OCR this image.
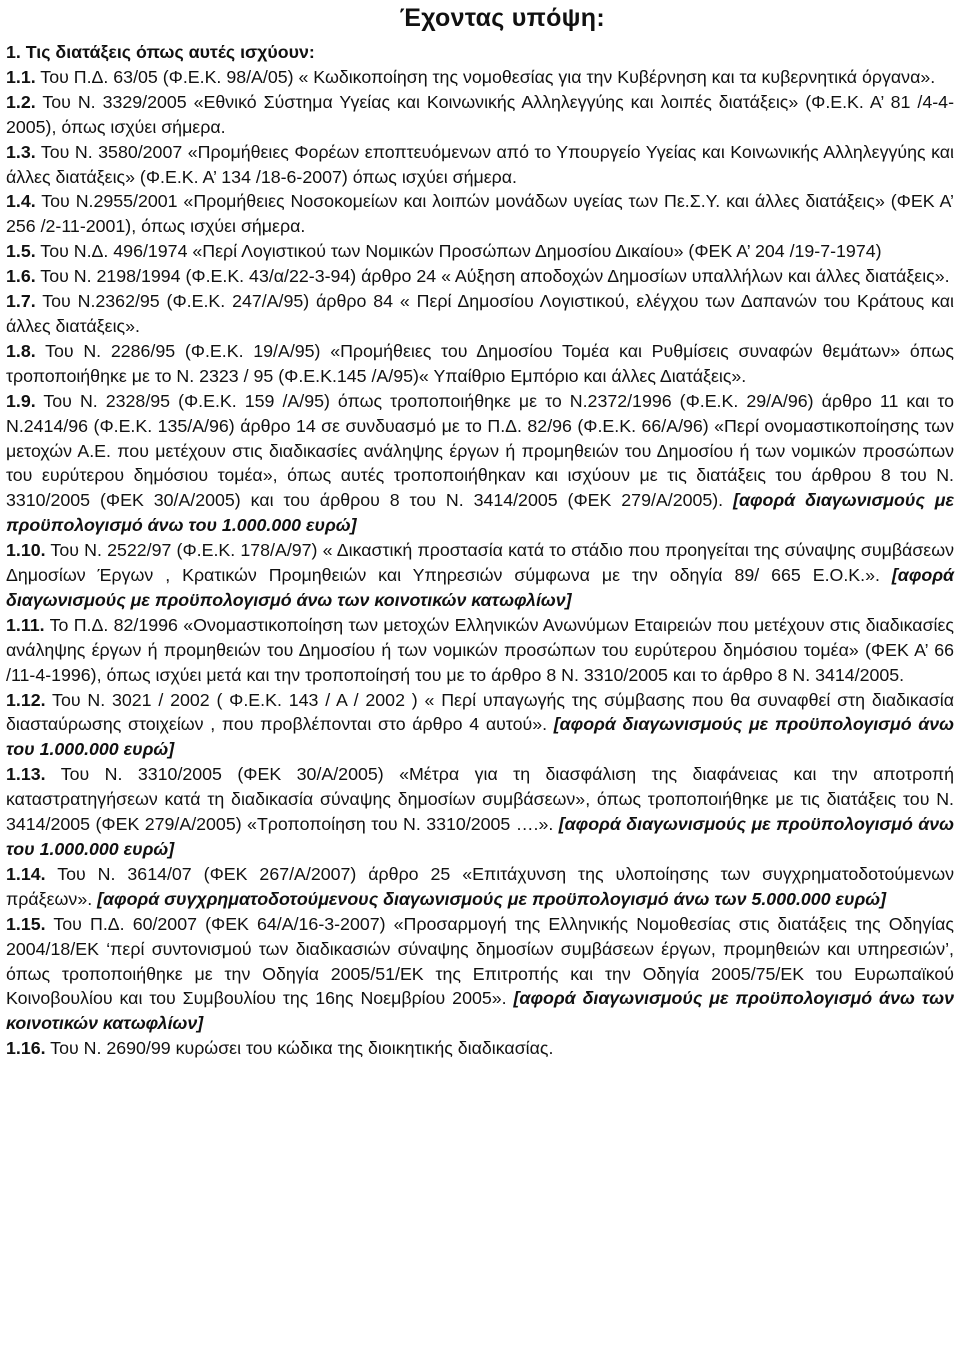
Έχοντας υπόψη:

1. Τις διατάξεις όπως αυτές ισχύουν:

1.1. Του Π.Δ. 63/05 (Φ.Ε.Κ. 98/Α/05) « Κωδικοποίηση της νομοθεσίας για την Κυβέρνηση και τα κυβερνητικά όργανα».

1.2. Του Ν. 3329/2005 «Εθνικό Σύστημα Υγείας και Κοινωνικής Αλληλεγγύης και λοιπές διατάξεις» (Φ.Ε.Κ. Α’ 81 /4-4-2005), όπως ισχύει σήμερα.

1.3. Του Ν. 3580/2007 «Προμήθειες Φορέων εποπτευόμενων από το Υπουργείο Υγείας και Κοινωνικής Αλληλεγγύης και άλλες διατάξεις» (Φ.Ε.Κ. Α’ 134 /18-6-2007) όπως ισχύει σήμερα.

1.4. Του Ν.2955/2001 «Προμήθειες Νοσοκομείων και λοιπών μονάδων υγείας των Πε.Σ.Υ. και άλλες διατάξεις» (ΦΕΚ Α’ 256 /2-11-2001), όπως ισχύει σήμερα.

1.5. Του Ν.Δ. 496/1974 «Περί Λογιστικού των Νομικών Προσώπων Δημοσίου Δικαίου» (ΦΕΚ Α’ 204 /19-7-1974)

1.6. Του Ν. 2198/1994 (Φ.Ε.Κ. 43/α/22-3-94) άρθρο 24 « Αύξηση αποδοχών Δημοσίων υπαλλήλων και άλλες διατάξεις».

1.7. Του Ν.2362/95 (Φ.Ε.Κ. 247/Α/95) άρθρο 84 « Περί Δημοσίου Λογιστικού, ελέγχου των Δαπανών του Κράτους και άλλες διατάξεις».

1.8. Του Ν. 2286/95 (Φ.Ε.Κ. 19/Α/95) «Προμήθειες του Δημοσίου Τομέα και Ρυθμίσεις συναφών θεμάτων» όπως τροποποιήθηκε με το Ν. 2323 / 95 (Φ.Ε.Κ.145 /Α/95)« Υπαίθριο Εμπόριο και άλλες Διατάξεις».

1.9. Του Ν. 2328/95 (Φ.Ε.Κ. 159 /Α/95) όπως τροποποιήθηκε με το Ν.2372/1996 (Φ.Ε.Κ. 29/Α/96) άρθρο 11 και το Ν.2414/96 (Φ.Ε.Κ. 135/Α/96) άρθρο 14 σε συνδυασμό με το Π.Δ. 82/96 (Φ.Ε.Κ. 66/Α/96) «Περί ονομαστικοποίησης των μετοχών Α.Ε. που μετέχουν στις διαδικασίες ανάληψης έργων ή προμηθειών του Δημοσίου ή των νομικών προσώπων του ευρύτερου δημόσιου τομέα», όπως αυτές τροποποιήθηκαν και ισχύουν με τις διατάξεις του άρθρου 8 του Ν. 3310/2005 (ΦΕΚ 30/Α/2005) και του άρθρου 8 του Ν. 3414/2005 (ΦΕΚ 279/Α/2005). [αφορά διαγωνισμούς με προϋπολογισμό άνω του 1.000.000 ευρώ]

1.10. Του Ν. 2522/97 (Φ.Ε.Κ. 178/Α/97) « Δικαστική προστασία κατά το στάδιο που προηγείται της σύναψης συμβάσεων Δημοσίων Έργων , Κρατικών Προμηθειών και Υπηρεσιών σύμφωνα με την οδηγία 89/ 665 Ε.Ο.Κ.». [αφορά διαγωνισμούς με προϋπολογισμό άνω των κοινοτικών κατωφλίων]

1.11. Το Π.Δ. 82/1996 «Ονομαστικοποίηση των μετοχών Ελληνικών Ανωνύμων Εταιρειών που μετέχουν στις διαδικασίες ανάληψης έργων ή προμηθειών του Δημοσίου ή των νομικών προσώπων του ευρύτερου δημόσιου τομέα» (ΦΕΚ Α’ 66 /11-4-1996), όπως ισχύει μετά και την τροποποίησή του με το άρθρο 8 Ν. 3310/2005 και το άρθρο 8 Ν. 3414/2005.

1.12. Του Ν. 3021 / 2002 ( Φ.Ε.Κ. 143 / Α / 2002 ) « Περί υπαγωγής της σύμβασης που θα συναφθεί στη διαδικασία διασταύρωσης στοιχείων , που προβλέπονται στο άρθρο 4 αυτού». [αφορά διαγωνισμούς με προϋπολογισμό άνω του 1.000.000 ευρώ]

1.13. Του Ν. 3310/2005 (ΦΕΚ 30/Α/2005) «Μέτρα για τη διασφάλιση της διαφάνειας και την αποτροπή καταστρατηγήσεων κατά τη διαδικασία σύναψης δημοσίων συμβάσεων», όπως τροποποιήθηκε με τις διατάξεις του Ν. 3414/2005 (ΦΕΚ 279/Α/2005) «Τροποποίηση του Ν. 3310/2005 ….». [αφορά διαγωνισμούς με προϋπολογισμό άνω του 1.000.000 ευρώ]

1.14. Του Ν. 3614/07 (ΦΕΚ 267/Α/2007) άρθρο 25 «Επιτάχυνση της υλοποίησης των συγχρηματοδοτούμενων πράξεων». [αφορά συγχρηματοδοτούμενους διαγωνισμούς με προϋπολογισμό άνω των 5.000.000 ευρώ]

1.15. Του Π.Δ. 60/2007 (ΦΕΚ 64/Α/16-3-2007) «Προσαρμογή της Ελληνικής Νομοθεσίας στις διατάξεις της Οδηγίας 2004/18/ΕΚ ‘περί συντονισμού των διαδικασιών σύναψης δημοσίων συμβάσεων έργων, προμηθειών και υπηρεσιών’, όπως τροποποιήθηκε με την Οδηγία 2005/51/ΕΚ της Επιτροπής και την Οδηγία 2005/75/ΕΚ του Ευρωπαϊκού Κοινοβουλίου και του Συμβουλίου της 16ης Νοεμβρίου 2005». [αφορά διαγωνισμούς με προϋπολογισμό άνω των κοινοτικών κατωφλίων]

1.16. Του Ν. 2690/99 κυρώσει του κώδικα της διοικητικής διαδικασίας.
